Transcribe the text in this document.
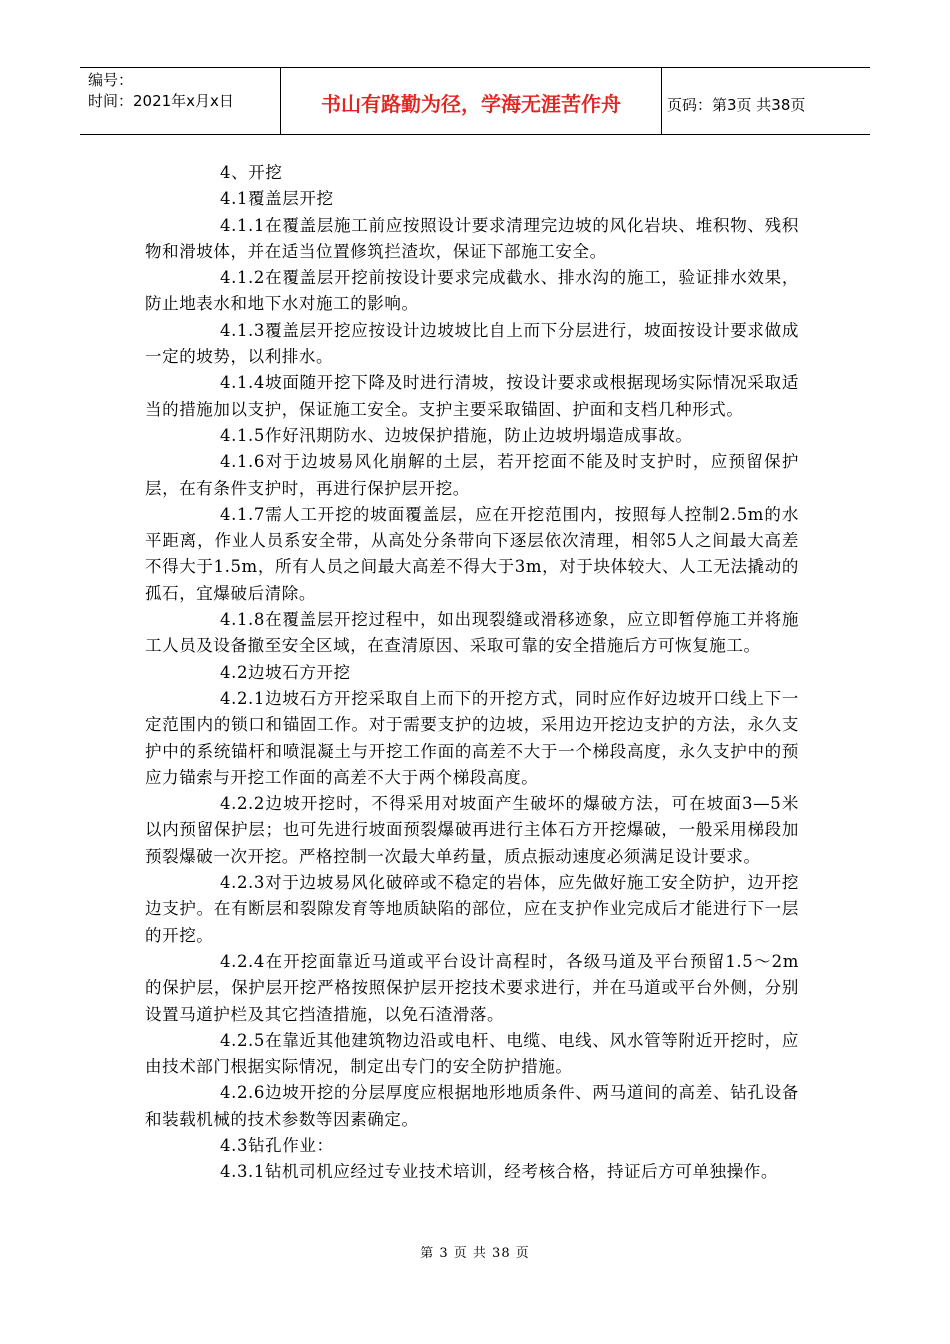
编号：
时间：2021年x月x日	书山有路勤为径，学海无涯苦作舟	页码：第3页 共38页

4、开挖

4.1覆盖层开挖

4.1.1在覆盖层施工前应按照设计要求清理完边坡的风化岩块、堆积物、残积物和滑坡体，并在适当位置修筑拦渣坎，保证下部施工安全。

4.1.2在覆盖层开挖前按设计要求完成截水、排水沟的施工，验证排水效果，防止地表水和地下水对施工的影响。

4.1.3覆盖层开挖应按设计边坡坡比自上而下分层进行，坡面按设计要求做成一定的坡势，以利排水。

4.1.4坡面随开挖下降及时进行清坡，按设计要求或根据现场实际情况采取适当的措施加以支护，保证施工安全。支护主要采取锚固、护面和支档几种形式。

4.1.5作好汛期防水、边坡保护措施，防止边坡坍塌造成事故。

4.1.6对于边坡易风化崩解的土层，若开挖面不能及时支护时，应预留保护层，在有条件支护时，再进行保护层开挖。

4.1.7需人工开挖的坡面覆盖层，应在开挖范围内，按照每人控制2.5m的水平距离，作业人员系安全带，从高处分条带向下逐层依次清理，相邻5人之间最大高差不得大于1.5m，所有人员之间最大高差不得大于3m，对于块体较大、人工无法撬动的孤石，宜爆破后清除。

4.1.8在覆盖层开挖过程中，如出现裂缝或滑移迹象，应立即暂停施工并将施工人员及设备撤至安全区域，在查清原因、采取可靠的安全措施后方可恢复施工。

4.2边坡石方开挖

4.2.1边坡石方开挖采取自上而下的开挖方式，同时应作好边坡开口线上下一定范围内的锁口和锚固工作。对于需要支护的边坡，采用边开挖边支护的方法，永久支护中的系统锚杆和喷混凝土与开挖工作面的高差不大于一个梯段高度，永久支护中的预应力锚索与开挖工作面的高差不大于两个梯段高度。

4.2.2边坡开挖时，不得采用对坡面产生破坏的爆破方法，可在坡面3—5米以内预留保护层；也可先进行坡面预裂爆破再进行主体石方开挖爆破，一般采用梯段加预裂爆破一次开挖。严格控制一次最大单药量，质点振动速度必须满足设计要求。

4.2.3对于边坡易风化破碎或不稳定的岩体，应先做好施工安全防护，边开挖边支护。在有断层和裂隙发育等地质缺陷的部位，应在支护作业完成后才能进行下一层的开挖。

4.2.4在开挖面靠近马道或平台设计高程时，各级马道及平台预留1.5～2m的保护层，保护层开挖严格按照保护层开挖技术要求进行，并在马道或平台外侧，分别设置马道护栏及其它挡渣措施，以免石渣滑落。

4.2.5在靠近其他建筑物边沿或电杆、电缆、电线、风水管等附近开挖时，应由技术部门根据实际情况，制定出专门的安全防护措施。

4.2.6边坡开挖的分层厚度应根据地形地质条件、两马道间的高差、钻孔设备和装载机械的技术参数等因素确定。

4.3钻孔作业：

4.3.1钻机司机应经过专业技术培训，经考核合格，持证后方可单独操作。

第 3 页 共 38 页
